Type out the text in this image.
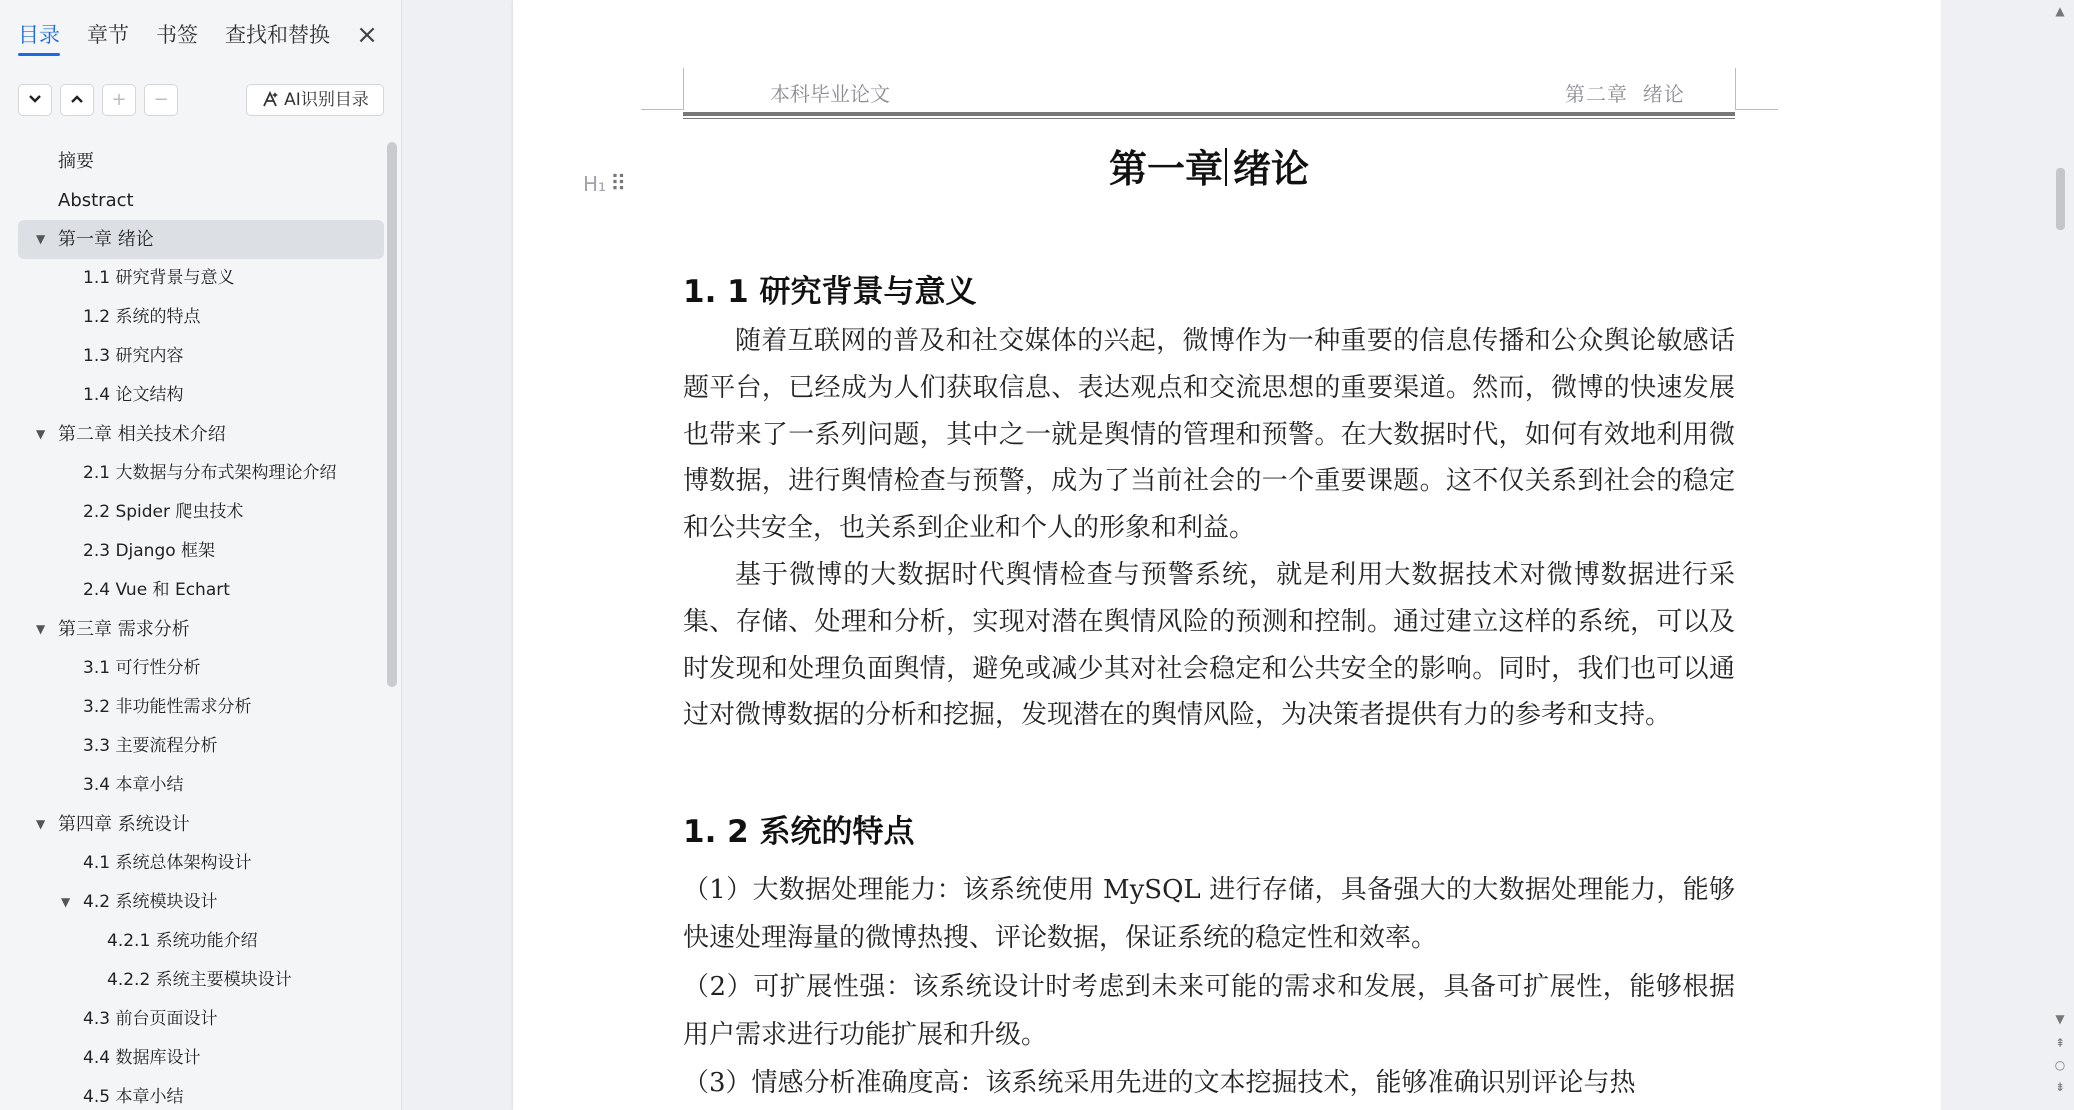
目录 章节 书签 查找和替换 ×
+	−	AI识别目录
摘要
Abstract
▼ 第一章 绪论
1.1 研究背景与意义
1.2 系统的特点
1.3 研究内容
1.4 论文结构
▼ 第二章 相关技术介绍
2.1 大数据与分布式架构理论介绍
2.2 Spider 爬虫技术
2.3 Django 框架
2.4 Vue 和 Echart
▼ 第三章 需求分析
3.1 可行性分析
3.2 非功能性需求分析
3.3 主要流程分析
3.4 本章小结
▼ 第四章 系统设计
4.1 系统总体架构设计
▼ 4.2 系统模块设计
4.2.1 系统功能介绍
4.2.2 系统主要模块设计
4.3 前台页面设计
4.4 数据库设计
4.5 本章小结
本科毕业论文	第二章  绪论
H₁ ⠿	第一章 绪论
1. 1 研究背景与意义
随着互联网的普及和社交媒体的兴起，微博作为一种重要的信息传播和公众舆论敏感话题平台，已经成为人们获取信息、表达观点和交流思想的重要渠道。然而，微博的快速发展也带来了一系列问题，其中之一就是舆情的管理和预警。在大数据时代，如何有效地利用微博数据，进行舆情检查与预警，成为了当前社会的一个重要课题。这不仅关系到社会的稳定和公共安全，也关系到企业和个人的形象和利益。
基于微博的大数据时代舆情检查与预警系统，就是利用大数据技术对微博数据进行采集、存储、处理和分析，实现对潜在舆情风险的预测和控制。通过建立这样的系统，可以及时发现和处理负面舆情，避免或减少其对社会稳定和公共安全的影响。同时，我们也可以通过对微博数据的分析和挖掘，发现潜在的舆情风险，为决策者提供有力的参考和支持。
1. 2 系统的特点
（1）大数据处理能力：该系统使用 MySQL 进行存储，具备强大的大数据处理能力，能够快速处理海量的微博热搜、评论数据，保证系统的稳定性和效率。
（2）可扩展性强：该系统设计时考虑到未来可能的需求和发展，具备可扩展性，能够根据用户需求进行功能扩展和升级。
（3）情感分析准确度高：该系统采用先进的文本挖掘技术，能够准确识别评论与热
▲
▼
⇞
○
⇟
